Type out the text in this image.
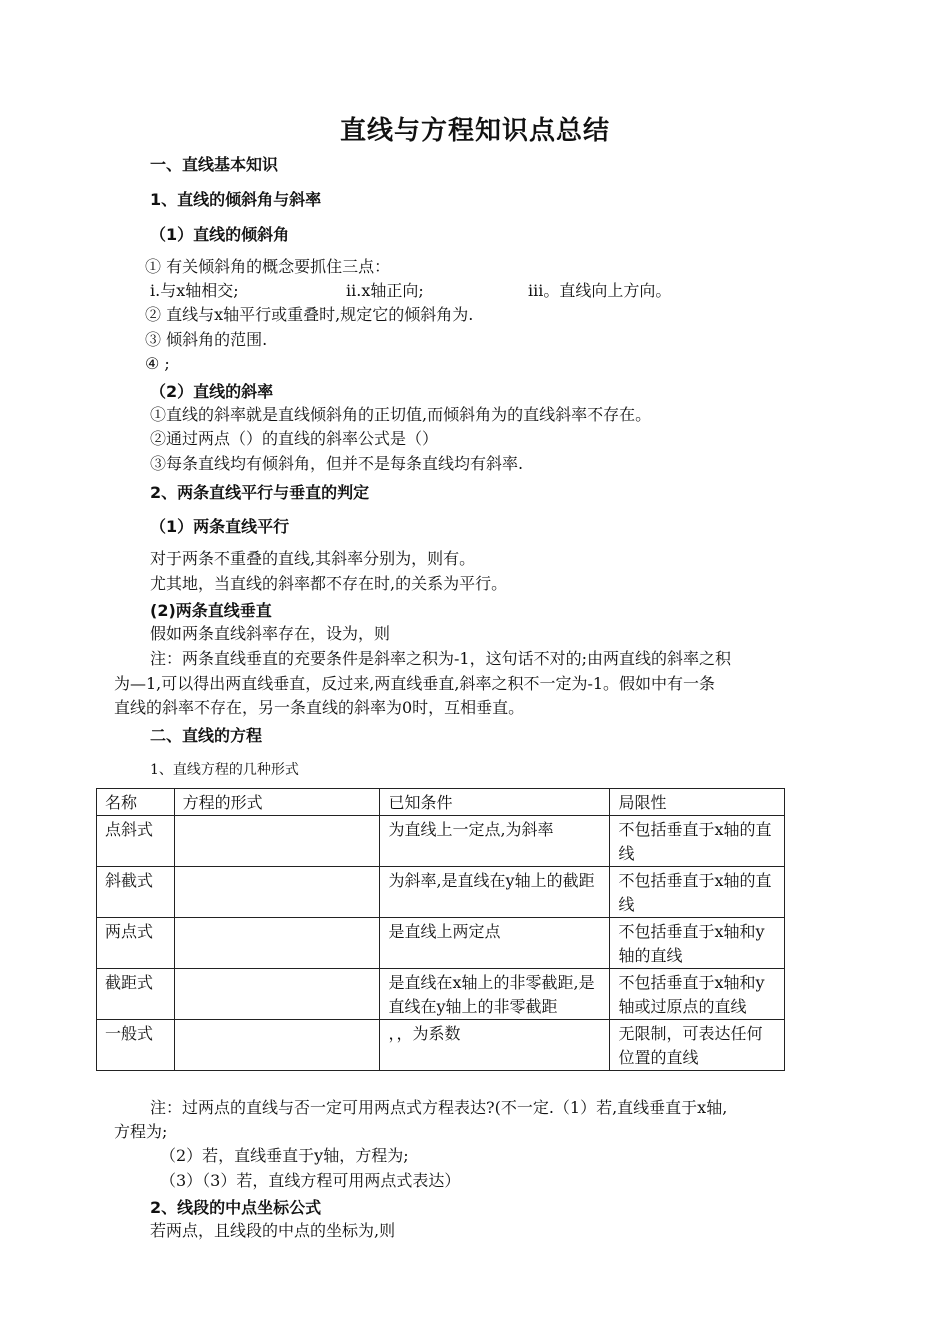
直线与方程知识点总结
一、直线基本知识
1、直线的倾斜角与斜率
（1）直线的倾斜角
① 有关倾斜角的概念要抓住三点：
ⅰ.与x轴相交;	ⅱ.x轴正向;	ⅲ。直线向上方向。
② 直线与x轴平行或重叠时,规定它的倾斜角为.
③ 倾斜角的范围.
④ ;
（2）直线的斜率
①直线的斜率就是直线倾斜角的正切值,而倾斜角为的直线斜率不存在。
②通过两点（）的直线的斜率公式是（）
③每条直线均有倾斜角，但并不是每条直线均有斜率.
2、两条直线平行与垂直的判定
（1）两条直线平行
对于两条不重叠的直线,其斜率分别为，则有。
尤其地，当直线的斜率都不存在时,的关系为平行。
(2)两条直线垂直
假如两条直线斜率存在，设为，则
注：两条直线垂直的充要条件是斜率之积为-1，这句话不对的;由两直线的斜率之积
为—1,可以得出两直线垂直，反过来,两直线垂直,斜率之积不一定为-1。假如中有一条
直线的斜率不存在，另一条直线的斜率为0时，互相垂直。
二、直线的方程
1、直线方程的几种形式
名称	方程的形式	已知条件	局限性
点斜式		为直线上一定点,为斜率	不包括垂直于x轴的直线
斜截式		为斜率,是直线在y轴上的截距	不包括垂直于x轴的直线
两点式		是直线上两定点	不包括垂直于x轴和y轴的直线
截距式		是直线在x轴上的非零截距,是直线在y轴上的非零截距	不包括垂直于x轴和y轴或过原点的直线
一般式		，，为系数	无限制，可表达任何位置的直线
注：过两点的直线与否一定可用两点式方程表达?(不一定.（1）若,直线垂直于x轴,
方程为;
（2）若，直线垂直于y轴，方程为;
（3）（3）若，直线方程可用两点式表达）
2、线段的中点坐标公式
若两点，且线段的中点的坐标为,则
